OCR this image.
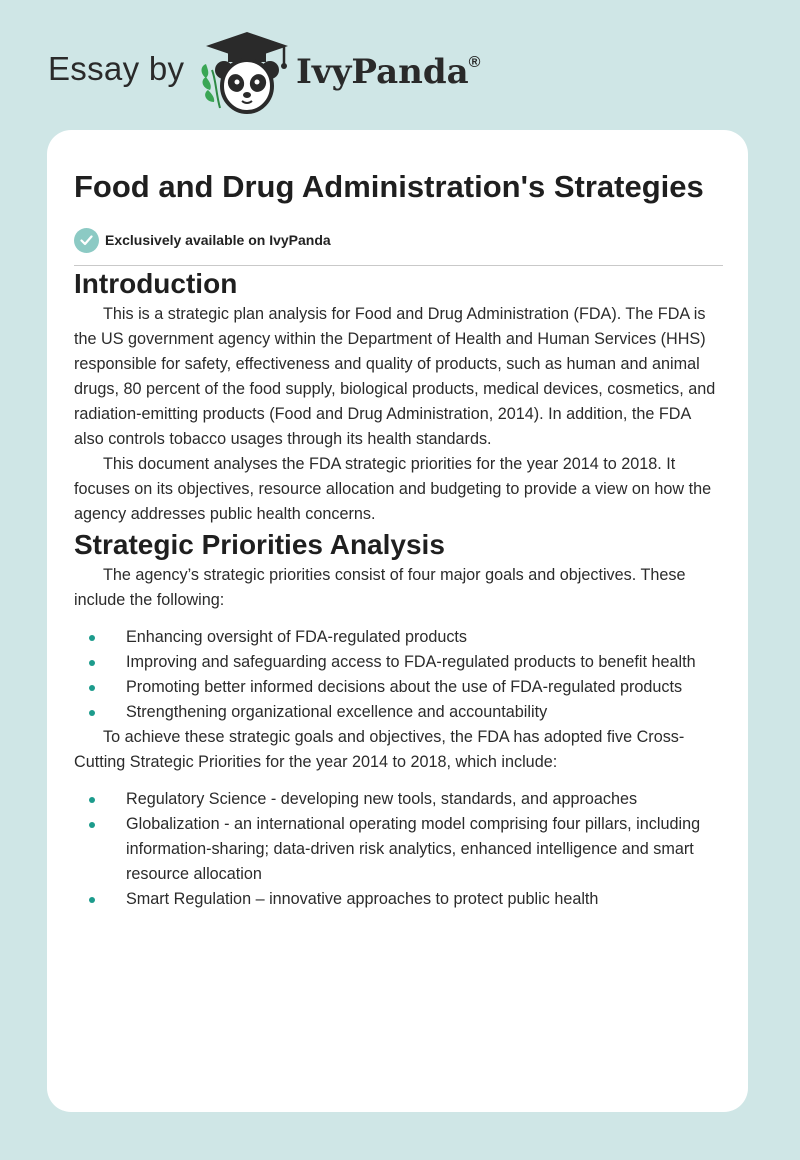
Essay by	IvyPanda®
Food and Drug Administration's Strategies
Exclusively available on IvyPanda
Introduction

This is a strategic plan analysis for Food and Drug Administration (FDA). The FDA is the US government agency within the Department of Health and Human Services (HHS) responsible for safety, effectiveness and quality of products, such as human and animal drugs, 80 percent of the food supply, biological products, medical devices, cosmetics, and radiation-emitting products (Food and Drug Administration, 2014). In addition, the FDA also controls tobacco usages through its health standards.

This document analyses the FDA strategic priorities for the year 2014 to 2018. It focuses on its objectives, resource allocation and budgeting to provide a view on how the agency addresses public health concerns.

Strategic Priorities Analysis

The agency’s strategic priorities consist of four major goals and objectives. These include the following:

Enhancing oversight of FDA-regulated products
Improving and safeguarding access to FDA-regulated products to benefit health
Promoting better informed decisions about the use of FDA-regulated products
Strengthening organizational excellence and accountability

To achieve these strategic goals and objectives, the FDA has adopted five Cross-Cutting Strategic Priorities for the year 2014 to 2018, which include:

Regulatory Science - developing new tools, standards, and approaches
Globalization - an international operating model comprising four pillars, including information-sharing; data-driven risk analytics, enhanced intelligence and smart resource allocation
Smart Regulation – innovative approaches to protect public health
